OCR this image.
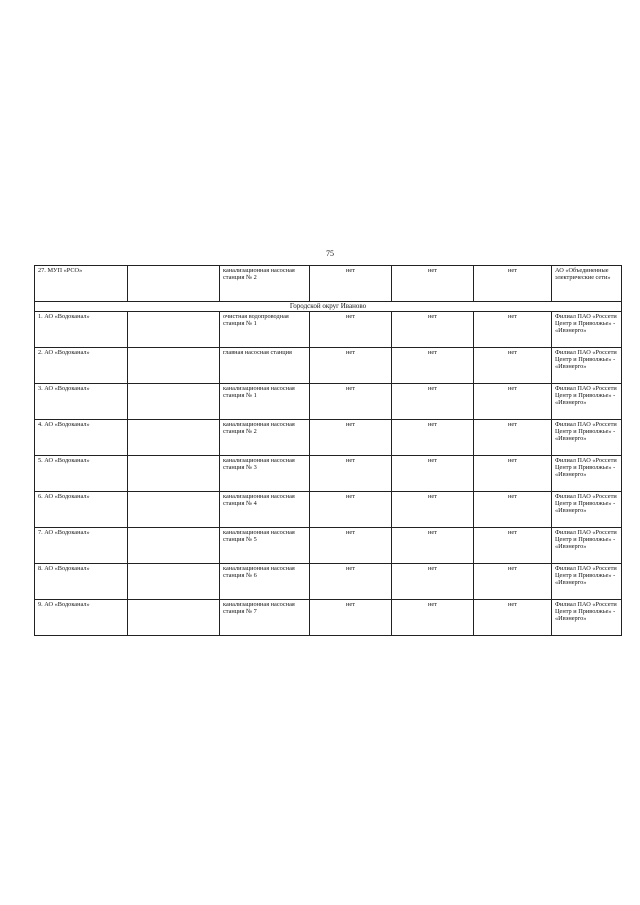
75
27. МУП «РСО»		канализационная насосная станция № 2	нет	нет	нет	АО «Объединенные электрические сети»
Городской округ Иваново						
1. АО «Водоканал»		очистная водопроводная станция № 1	нет	нет	нет	Филиал ПАО «Россети Центр и Приволжье» - «Ивэнерго»
2. АО «Водоканал»		главная насосная станция	нет	нет	нет	Филиал ПАО «Россети Центр и Приволжье» - «Ивэнерго»
3. АО «Водоканал»		канализационная насосная станция № 1	нет	нет	нет	Филиал ПАО «Россети Центр и Приволжье» - «Ивэнерго»
4. АО «Водоканал»		канализационная насосная станция № 2	нет	нет	нет	Филиал ПАО «Россети Центр и Приволжье» - «Ивэнерго»
5. АО «Водоканал»		канализационная насосная станция № 3	нет	нет	нет	Филиал ПАО «Россети Центр и Приволжье» - «Ивэнерго»
6. АО «Водоканал»		канализационная насосная станция № 4	нет	нет	нет	Филиал ПАО «Россети Центр и Приволжье» - «Ивэнерго»
7. АО «Водоканал»		канализационная насосная станция № 5	нет	нет	нет	Филиал ПАО «Россети Центр и Приволжье» - «Ивэнерго»
8. АО «Водоканал»		канализационная насосная станция № 6	нет	нет	нет	Филиал ПАО «Россети Центр и Приволжье» - «Ивэнерго»
9. АО «Водоканал»		канализационная насосная станция № 7	нет	нет	нет	Филиал ПАО «Россети Центр и Приволжье» - «Ивэнерго»
